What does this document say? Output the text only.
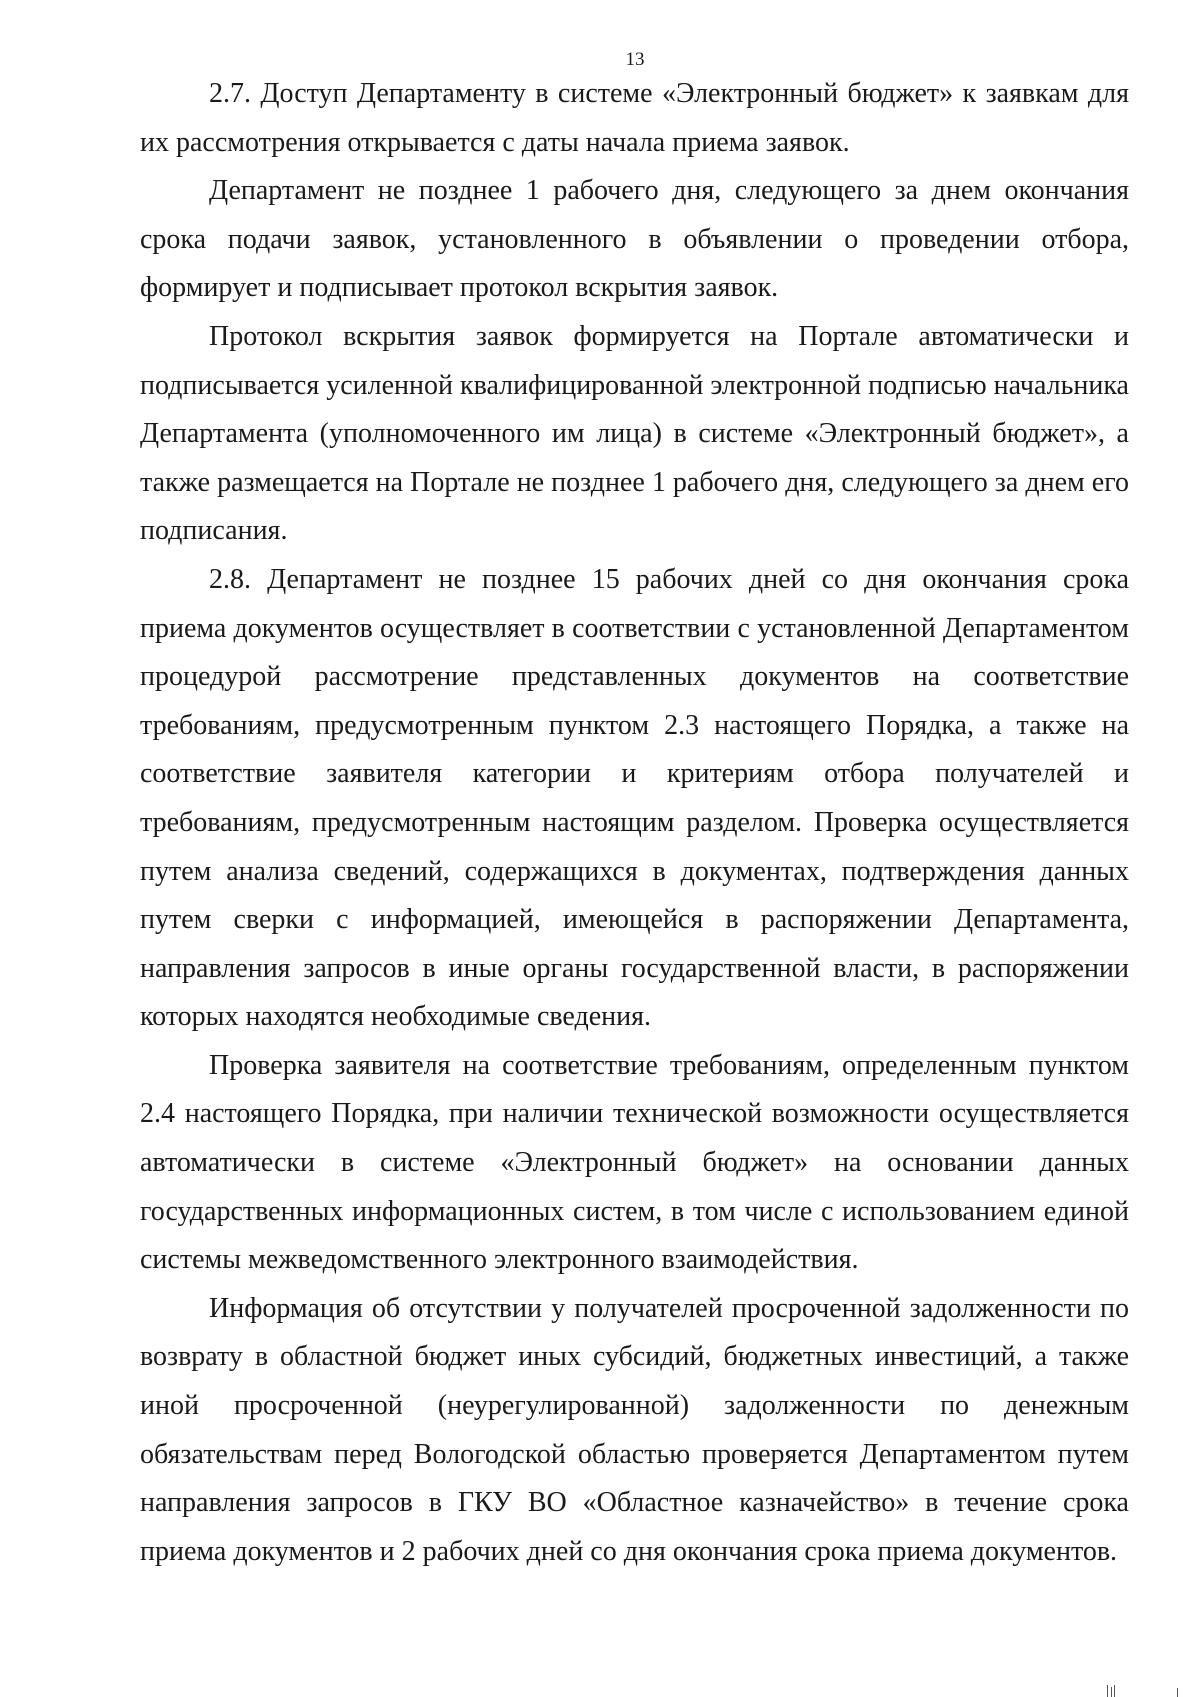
13

2.7. Доступ Департаменту в системе «Электронный бюджет» к заявкам для их рассмотрения открывается с даты начала приема заявок.

Департамент не позднее 1 рабочего дня, следующего за днем окончания срока подачи заявок, установленного в объявлении о проведении отбора, формирует и подписывает протокол вскрытия заявок.

Протокол вскрытия заявок формируется на Портале автоматически и подписывается усиленной квалифицированной электронной подписью начальника Департамента (уполномоченного им лица) в системе «Электронный бюджет», а также размещается на Портале не позднее 1 рабочего дня, следующего за днем его подписания.

2.8. Департамент не позднее 15 рабочих дней со дня окончания срока приема документов осуществляет в соответствии с установленной Департаментом процедурой рассмотрение представленных документов на соответствие требованиям, предусмотренным пунктом 2.3 настоящего Порядка, а также на соответствие заявителя категории и критериям отбора получателей и требованиям, предусмотренным настоящим разделом. Проверка осуществляется путем анализа сведений, содержащихся в документах, подтверждения данных путем сверки с информацией, имеющейся в распоряжении Департамента, направления запросов в иные органы государственной власти, в распоряжении которых находятся необходимые сведения.

Проверка заявителя на соответствие требованиям, определенным пунктом 2.4 настоящего Порядка, при наличии технической возможности осуществляется автоматически в системе «Электронный бюджет» на основании данных государственных информационных систем, в том числе с использованием единой системы межведомственного электронного взаимодействия.

Информация об отсутствии у получателей просроченной задолженности по возврату в областной бюджет иных субсидий, бюджетных инвестиций, а также иной просроченной (неурегулированной) задолженности по денежным обязательствам перед Вологодской областью проверяется Департаментом путем направления запросов в ГКУ ВО «Областное казначейство» в течение срока приема документов и 2 рабочих дней со дня окончания срока приема документов.
